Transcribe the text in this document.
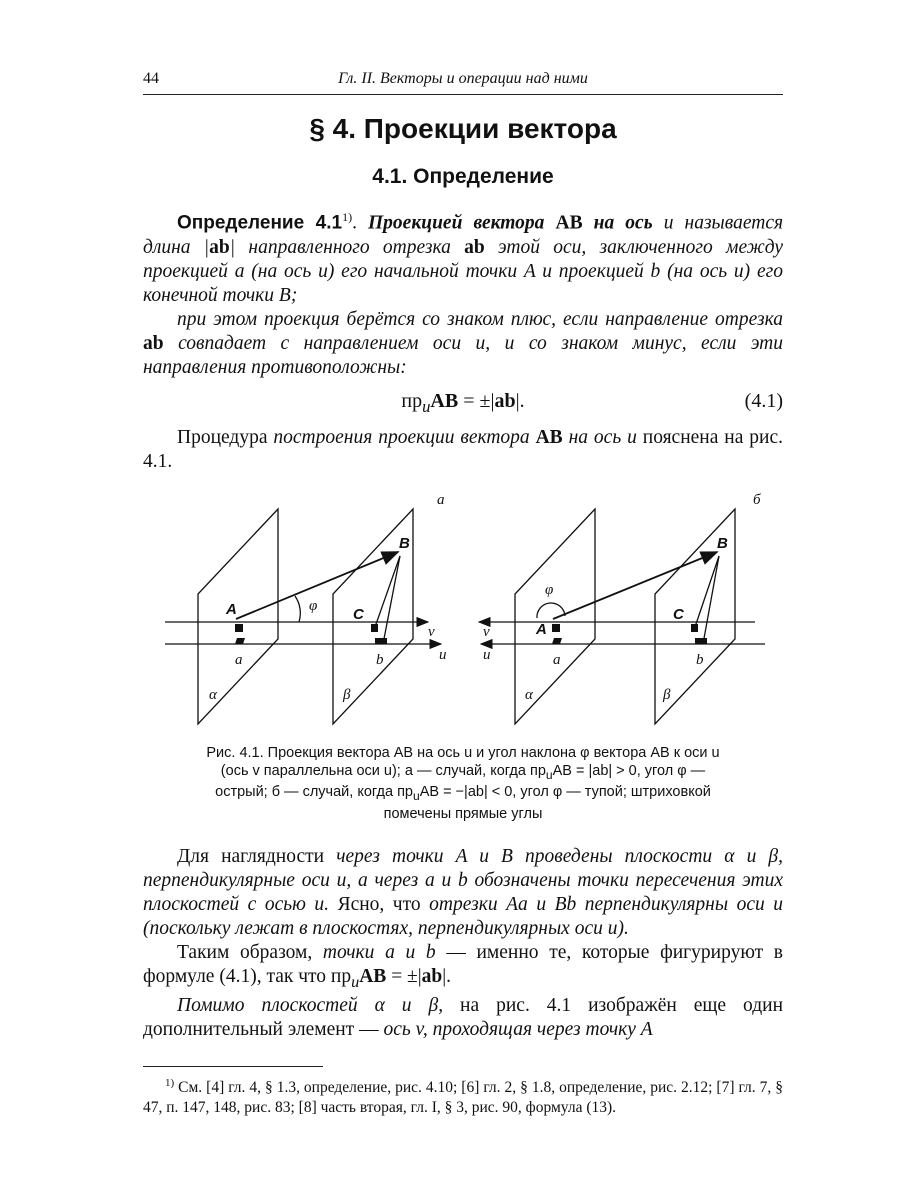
44	Гл. II. Векторы и операции над ними
§ 4. Проекции вектора
4.1. Определение

Определение 4.1$^{1)}$. Проекцией вектора AB на ось u называется длина |ab| направленного отрезка ab этой оси, заключенного между проекцией a (на ось u) его начальной точки A и проекцией b (на ось u) его конечной точки B;

при этом проекция берётся со знаком плюс, если направление отрезка ab совпадает с направлением оси u, и со знаком минус, если эти направления противоположны:

$пр_uAB = \pm|ab|$.	(4.1)

Процедура построения проекции вектора AB на ось u пояснена на рис. 4.1.

а	б
A
B
C
a	b
φ
v
u
α	β
A
B
C
a	b
φ
v
u
α	β
Рис. 4.1. Проекция вектора AB на ось u и угол наклона φ вектора AB к оси u
(ось v параллельна оси u); а — случай, когда $пр_uAB = |ab| > 0$, угол φ —
острый; б — случай, когда $пр_uAB = -|ab| < 0$, угол φ — тупой; штриховкой
помечены прямые углы

Для наглядности через точки A и B проведены плоскости α и β, перпендикулярные оси u, а через a и b обозначены точки пересечения этих плоскостей с осью u. Ясно, что отрезки Aa и Bb перпендикулярны оси u (поскольку лежат в плоскостях, перпендикулярных оси u).

Таким образом, точки a и b — именно те, которые фигурируют в формуле (4.1), так что $пр_uAB = \pm|ab|$.

Помимо плоскостей α и β, на рис. 4.1 изображён еще один дополнительный элемент — ось v, проходящая через точку A

$^{1)}$ См. [4] гл. 4, § 1.3, определение, рис. 4.10; [6] гл. 2, § 1.8, определение, рис. 2.12; [7] гл. 7, § 47, п. 147, 148, рис. 83; [8] часть вторая, гл. I, § 3, рис. 90, формула (13).
